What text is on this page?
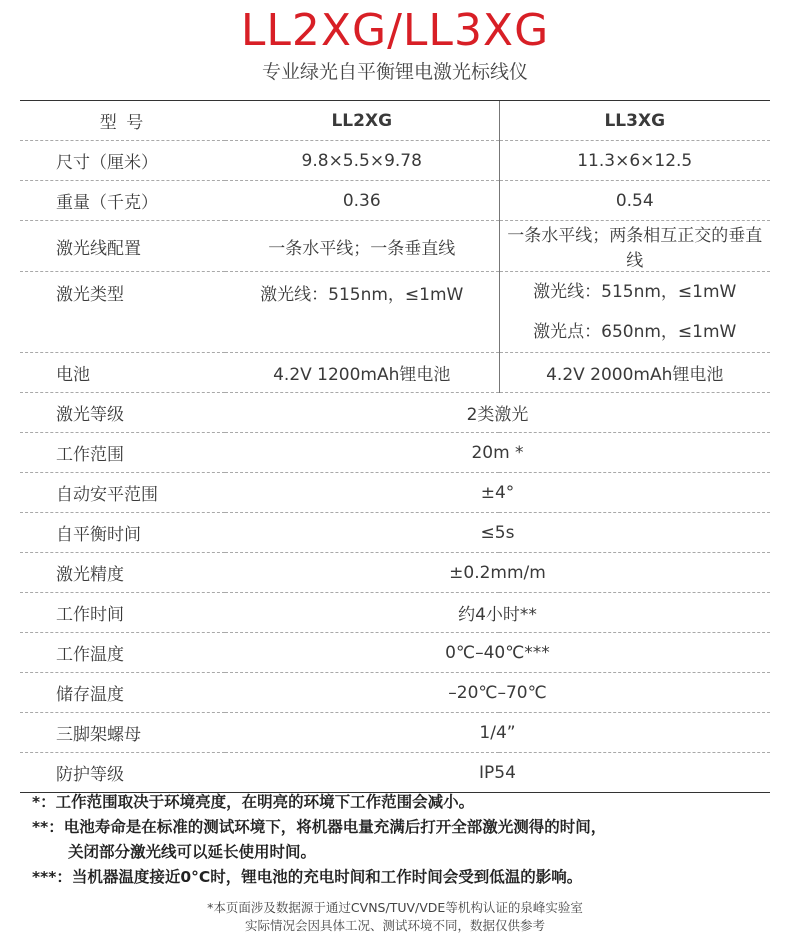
LL2XG/LL3XG
专业绿光自平衡锂电激光标线仪
型 号	LL2XG	LL3XG
尺寸（厘米）	9.8×5.5×9.78	11.3×6×12.5
重量（千克）	0.36	0.54
激光线配置	一条水平线；一条垂直线	一条水平线；两条相互正交的垂直线
激光类型	激光线：515nm，≤1mW	激光线：515nm，≤1mW
激光点：650nm，≤1mW

电池	4.2V 1200mAh锂电池	4.2V 2000mAh锂电池
激光等级	2类激光	
工作范围	20m *	
自动安平范围	±4°	
自平衡时间	≤5s	
激光精度	±0.2mm/m	
工作时间	约4小时**	
工作温度	0℃–40℃***	
储存温度	–20℃–70℃	
三脚架螺母	1/4”	
防护等级	IP54	
*： 工作范围取决于环境亮度，在明亮的环境下工作范围会减小。
**： 电池寿命是在标准的测试环境下，将机器电量充满后打开全部激光测得的时间，
关闭部分激光线可以延长使用时间。
***： 当机器温度接近0°C时，锂电池的充电时间和工作时间会受到低温的影响。
*本页面涉及数据源于通过CVNS/TUV/VDE等机构认证的泉峰实验室
实际情况会因具体工况、测试环境不同，数据仅供参考
